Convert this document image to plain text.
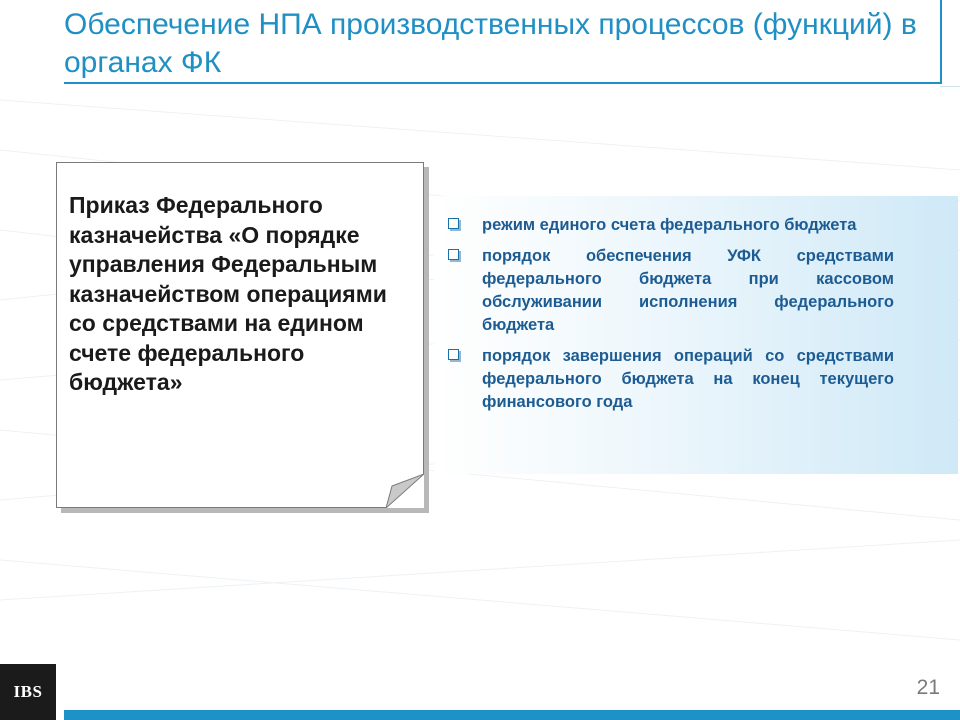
Обеспечение НПА производственных процессов (функций) в органах ФК
Приказ Федерального казначейства «О порядке управления Федеральным казначейством операциями со средствами на едином счете федерального бюджета»
режим единого счета федерального бюджета
порядок обеспечения УФК средствами федерального бюджета при кассовом обслуживании исполнения федерального бюджета
порядок завершения операций со средствами федерального бюджета на конец текущего финансового года
IBS	21
